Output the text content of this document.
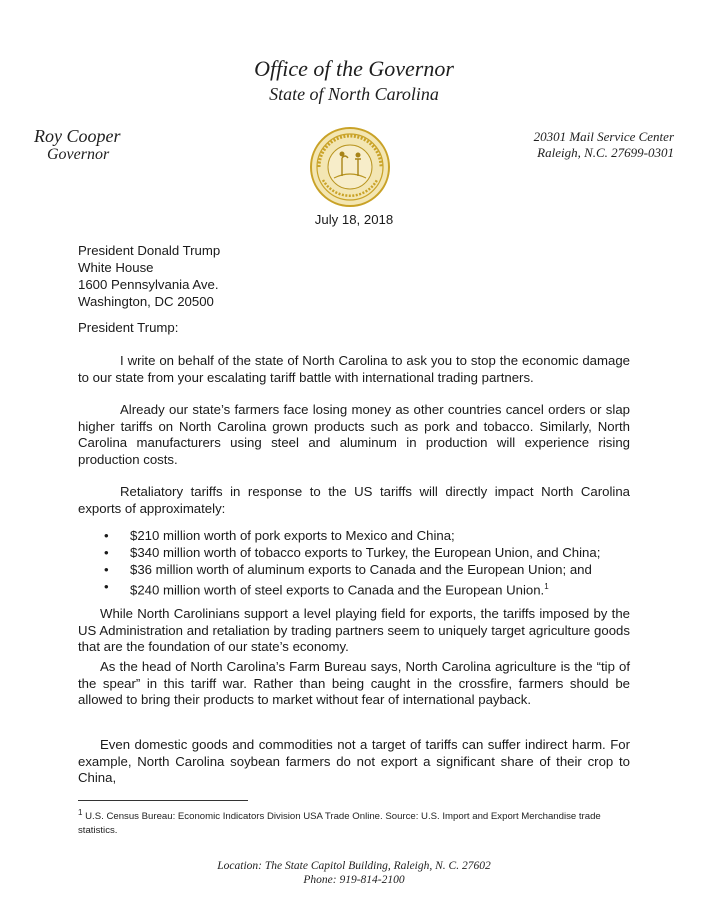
Office of the Governor
State of North Carolina
Roy Cooper
Governor
20301 Mail Service Center
Raleigh, N.C. 27699-0301
July 18, 2018
President Donald Trump
White House
1600 Pennsylvania Ave.
Washington, DC 20500
President Trump:
I write on behalf of the state of North Carolina to ask you to stop the economic damage to our state from your escalating tariff battle with international trading partners.
Already our state’s farmers face losing money as other countries cancel orders or slap higher tariffs on North Carolina grown products such as pork and tobacco. Similarly, North Carolina manufacturers using steel and aluminum in production will experience rising production costs.
Retaliatory tariffs in response to the US tariffs will directly impact North Carolina exports of approximately:
• $210 million worth of pork exports to Mexico and China;
• $340 million worth of tobacco exports to Turkey, the European Union, and China;
• $36 million worth of aluminum exports to Canada and the European Union; and
• $240 million worth of steel exports to Canada and the European Union.$^1$
While North Carolinians support a level playing field for exports, the tariffs imposed by the US Administration and retaliation by trading partners seem to uniquely target agriculture goods that are the foundation of our state’s economy.
As the head of North Carolina’s Farm Bureau says, North Carolina agriculture is the “tip of the spear” in this tariff war. Rather than being caught in the crossfire, farmers should be allowed to bring their products to market without fear of international payback.
Even domestic goods and commodities not a target of tariffs can suffer indirect harm. For example, North Carolina soybean farmers do not export a significant share of their crop to China,
$^1$ U.S. Census Bureau: Economic Indicators Division USA Trade Online. Source: U.S. Import and Export Merchandise trade statistics.
Location: The State Capitol Building, Raleigh, N. C. 27602
Phone: 919-814-2100
